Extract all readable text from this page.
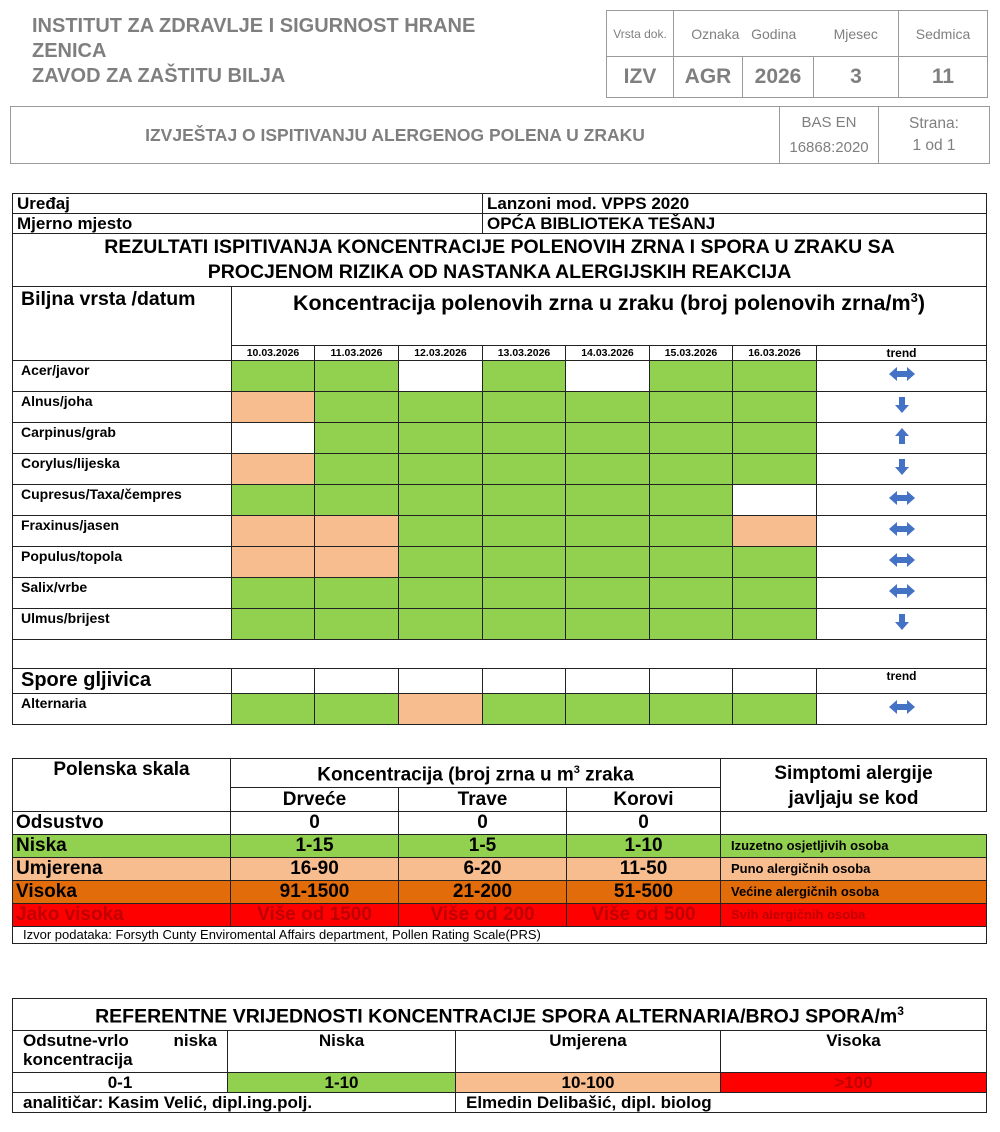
INSTITUT ZA ZDRAVLJE I SIGURNOST HRANE
ZENICA
ZAVOD ZA ZAŠTITU BILJA
Vrsta dok.	Oznaka Godina		Mjesec	Sedmica
IZV	AGR	2026	3	11
IZVJEŠTAJ O ISPITIVANJU ALERGENOG POLENA U ZRAKU	
BAS EN
16868:2020

Strana:
1 od 1
Uređaj				Lanzoni mod. VPPS 2020				
Mjerno mjesto				OPĆA BIBLIOTEKA TEŠANJ				

REZULTATI ISPITIVANJA KONCENTRACIJE POLENOVIH ZRNA I SPORA U ZRAKU SA
PROCJENOM RIZIKA OD NASTANKA ALERGIJSKIH REAKCIJA								

Biljna vrsta /datum	Koncentracija polenovih zrna u zraku (broj polenovih zrna/$m^3$)							
	10.03.2026	11.03.2026	12.03.2026	13.03.2026	14.03.2026	15.03.2026	16.03.2026	trend
Acer/javor								
Alnus/joha								
Carpinus/grab								
Corylus/lijeska								
Cupresus/Taxa/čempres								
Fraxinus/jasen								
Populus/topola								
Salix/vrbe								
Ulmus/brijest								

Spore gljivica								trend
Alternaria								
Polenska skala	Koncentracija (broj zrna u $m^3$ zraka			Simptomi alergije javljaju se kod
	Drveće	Trave	Korovi	
Odsustvo	0	0	0	
Niska	1-15	1-5	1-10	Izuzetno osjetljivih osoba
Umjerena	16-90	6-20	11-50	Puno alergičnih osoba
Visoka	91-1500	21-200	51-500	Većine alergičnih osoba
Jako visoka	Više od 1500	Više od 200	Više od 500	Svih alergičnih osoba
Izvor podataka: Forsyth Cunty Enviromental Affairs department, Pollen Rating Scale(PRS)				
REFERENTNE VRIJEDNOSTI KONCENTRACIJE SPORA ALTERNARIA/BROJ SPORA/$m^3$
Odsutne-vrlo niska koncentracija	Niska	Umjerena	Visoka
0-1	1-10	10-100	>100
analitičar: Kasim Velić, dipl.ing.polj.		Elmedin Delibašić, dipl. biolog	
